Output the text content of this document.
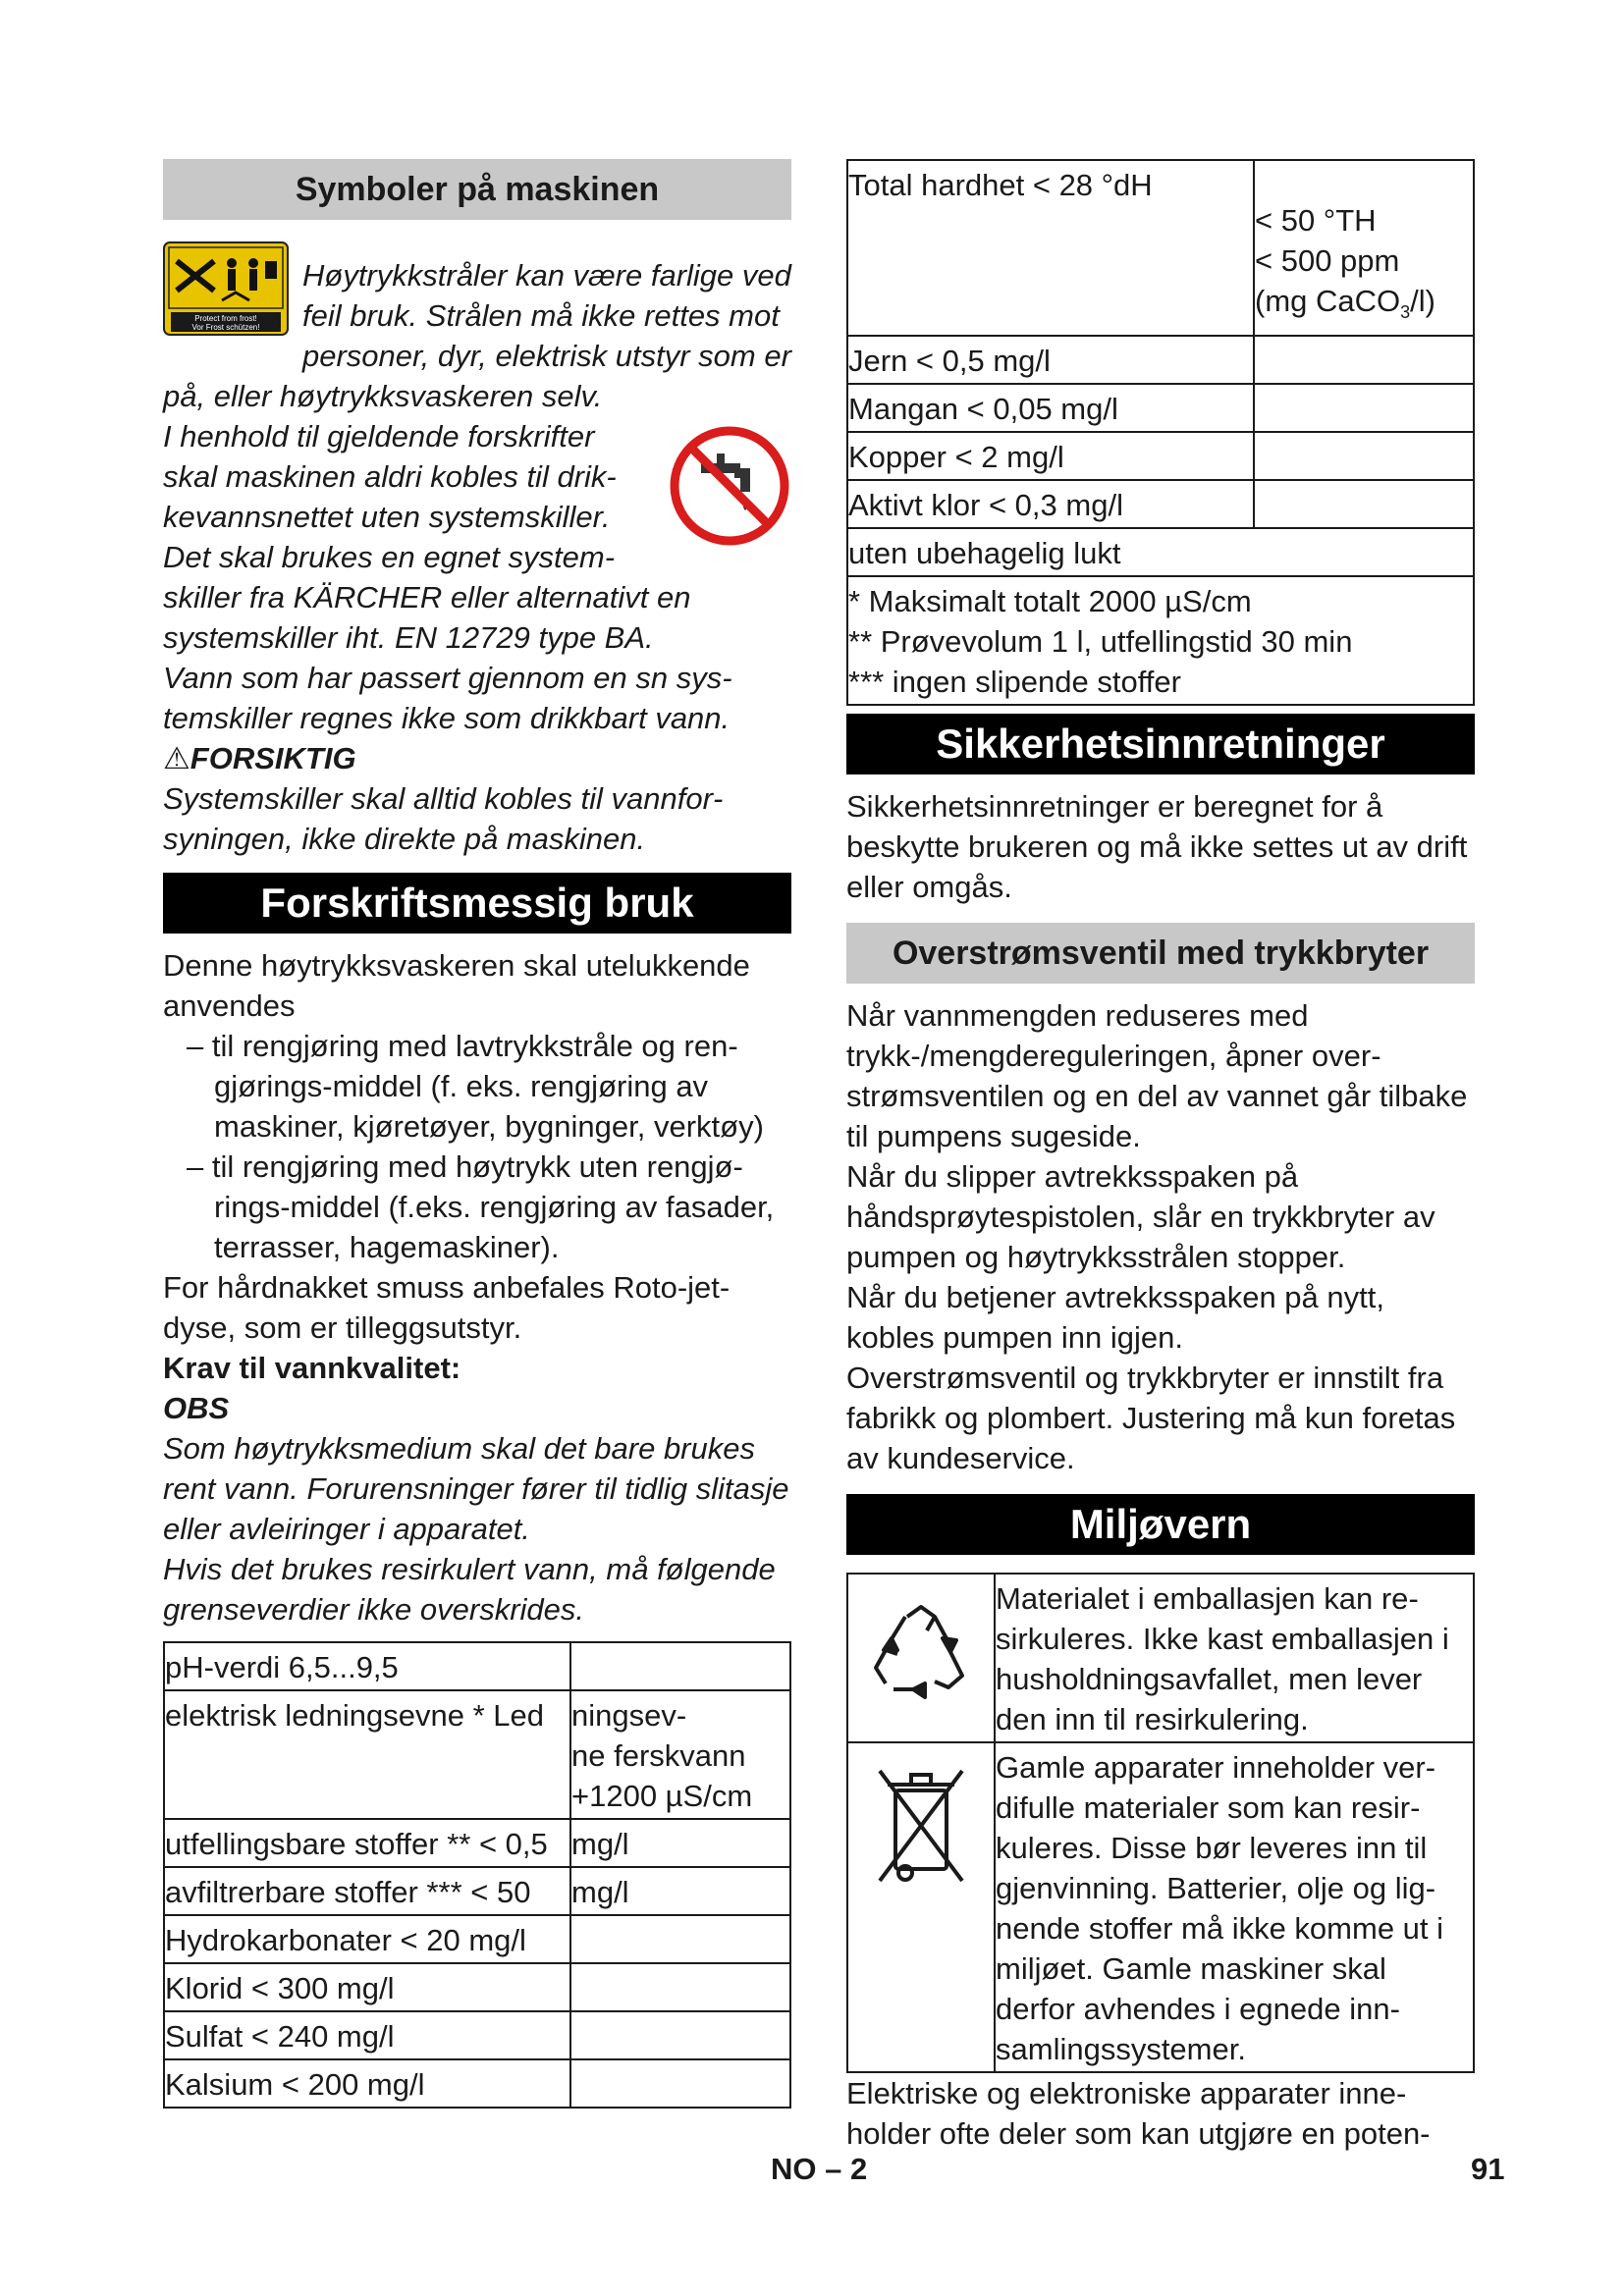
Symboler på maskinen
Protect from frost!
Vor Frost schützen!

Høytrykkstråler kan være farlige ved feil bruk. Strålen må ikke rettes mot personer, dyr, elektrisk utstyr som er på, eller høytrykksvaskeren selv.

I henhold til gjeldende forskrifter skal maskinen aldri kobles til drikkevannsnettet uten systemskiller. Det skal brukes en egnet systemskiller fra KÄRCHER eller alternativt en systemskiller iht. EN 12729 type BA.

Vann som har passert gjennom en sn systemskiller regnes ikke som drikkbart vann.

⚠FORSIKTIG

Systemskiller skal alltid kobles til vannforsyningen, ikke direkte på maskinen.

Forskriftsmessig bruk

Denne høytrykksvaskeren skal utelukkende anvendes

– til rengjøring med lavtrykkstråle og rengjørings-middel (f. eks. rengjøring av maskiner, kjøretøyer, bygninger, verktøy)

– til rengjøring med høytrykk uten rengjørings-middel (f.eks. rengjøring av fasader, terrasser, hagemaskiner).

For hårdnakket smuss anbefales Roto-jet-dyse, som er tilleggsutstyr.

Krav til vannkvalitet:

OBS

Som høytrykksmedium skal det bare brukes rent vann. Forurensninger fører til tidlig slitasje eller avleiringer i apparatet.

Hvis det brukes resirkulert vann, må følgende grenseverdier ikke overskrides.

pH-verdi 6,5...9,5	
elektrisk ledningsevne * Led	ningsev-
ne ferskvann +1200 µS/cm
utfellingsbare stoffer ** < 0,5	mg/l
avfiltrerbare stoffer *** < 50	mg/l
Hydrokarbonater < 20 mg/l	
Klorid < 300 mg/l	
Sulfat < 240 mg/l	
Kalsium < 200 mg/l	
Total hardhet < 28 °dH	< 50 °TH
< 500 ppm
(mg CaCO$_3$/l)
Jern < 0,5 mg/l	
Mangan < 0,05 mg/l	
Kopper < 2 mg/l	
Aktivt klor < 0,3 mg/l	
uten ubehagelig lukt	
* Maksimalt totalt 2000 µS/cm
** Prøvevolum 1 l, utfellingstid 30 min
*** ingen slipende stoffer	
Sikkerhetsinnretninger

Sikkerhetsinnretninger er beregnet for å beskytte brukeren og må ikke settes ut av drift eller omgås.

Overstrømsventil med trykkbryter

Når vannmengden reduseres med trykk-/mengdereguleringen, åpner overstrømsventilen og en del av vannet går tilbake til pumpens sugeside.

Når du slipper avtrekksspaken på håndsprøytespistolen, slår en trykkbryter av pumpen og høytrykksstrålen stopper.

Når du betjener avtrekksspaken på nytt, kobles pumpen inn igjen.

Overstrømsventil og trykkbryter er innstilt fra fabrikk og plombert. Justering må kun foretas av kundeservice.

Miljøvern
	Materialet i emballasjen kan resirkuleres. Ikke kast emballasjen i husholdningsavfallet, men lever den inn til resirkulering.
	Gamle apparater inneholder verdifulle materialer som kan resirkuleres. Disse bør leveres inn til gjenvinning. Batterier, olje og lignende stoffer må ikke komme ut i miljøet. Gamle maskiner skal derfor avhendes i egnede innsamlingssystemer.

Elektriske og elektroniske apparater inneholder ofte deler som kan utgjøre en poten-

NO – 2	91
